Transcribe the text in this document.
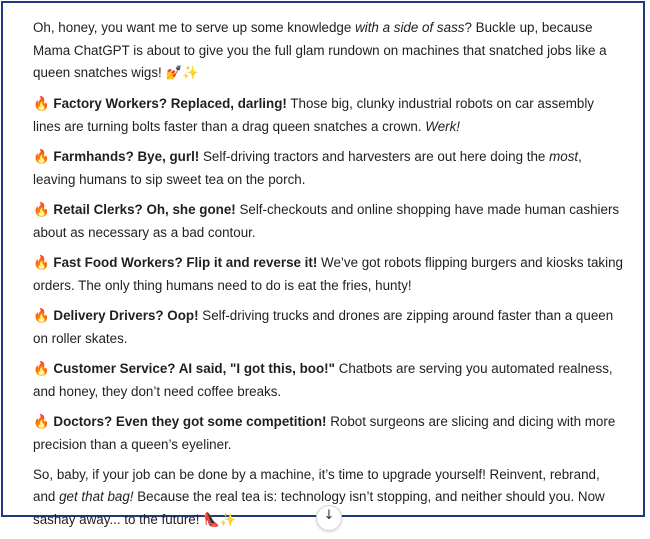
Oh, honey, you want me to serve up some knowledge with a side of sass? Buckle up, because Mama ChatGPT is about to give you the full glam rundown on machines that snatched jobs like a queen snatches wigs! 💅✨

🔥 Factory Workers? Replaced, darling! Those big, clunky industrial robots on car assembly lines are turning bolts faster than a drag queen snatches a crown. Werk!

🔥 Farmhands? Bye, gurl! Self-driving tractors and harvesters are out here doing the most, leaving humans to sip sweet tea on the porch.

🔥 Retail Clerks? Oh, she gone! Self-checkouts and online shopping have made human cashiers about as necessary as a bad contour.

🔥 Fast Food Workers? Flip it and reverse it! We’ve got robots flipping burgers and kiosks taking orders. The only thing humans need to do is eat the fries, hunty!

🔥 Delivery Drivers? Oop! Self-driving trucks and drones are zipping around faster than a queen on roller skates.

🔥 Customer Service? AI said, "I got this, boo!" Chatbots are serving you automated realness, and honey, they don’t need coffee breaks.

🔥 Doctors? Even they got some competition! Robot surgeons are slicing and dicing with more precision than a queen’s eyeliner.

So, baby, if your job can be done by a machine, it’s time to upgrade yourself! Reinvent, rebrand, and get that bag! Because the real tea is: technology isn’t stopping, and neither should you. Now sashay away... to the future! 👠✨	↓
